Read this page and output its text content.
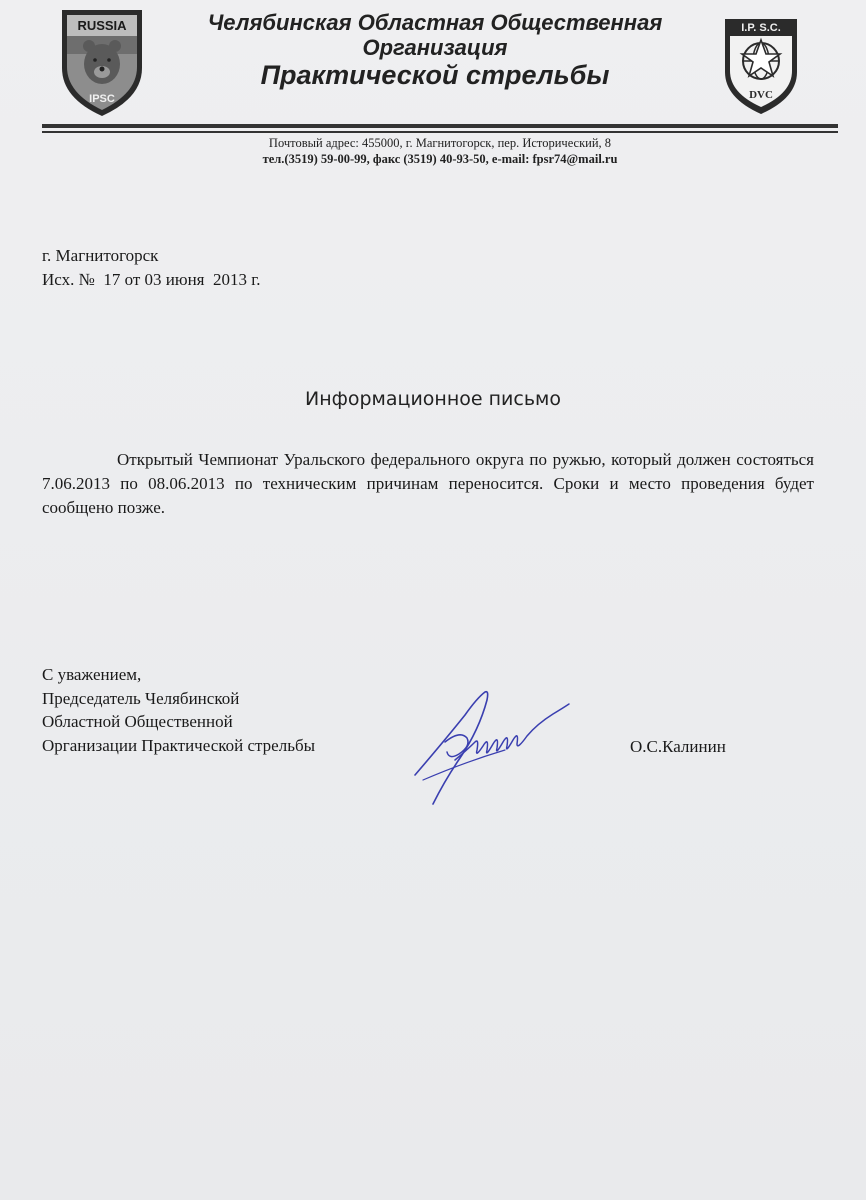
RUSSIA
IPSC
Челябинская Областная Общественная
Организация
Практической стрельбы
I.P. S.C.
DVC
Почтовый адрес: 455000, г. Магнитогорск, пер. Исторический, 8
тел.(3519) 59-00-99, факс (3519) 40-93-50, e-mail: fpsr74@mail.ru
г. Магнитогорск
Исх. №  17 от 03 июня  2013 г.
Информационное письмо
Открытый Чемпионат Уральского федерального округа по ружью, который должен состояться 7.06.2013 по 08.06.2013 по техническим причинам переносится. Сроки и место проведения будет сообщено позже.
С уважением,
Председатель Челябинской
Областной Общественной
Организации Практической стрельбы	О.С.Калинин
